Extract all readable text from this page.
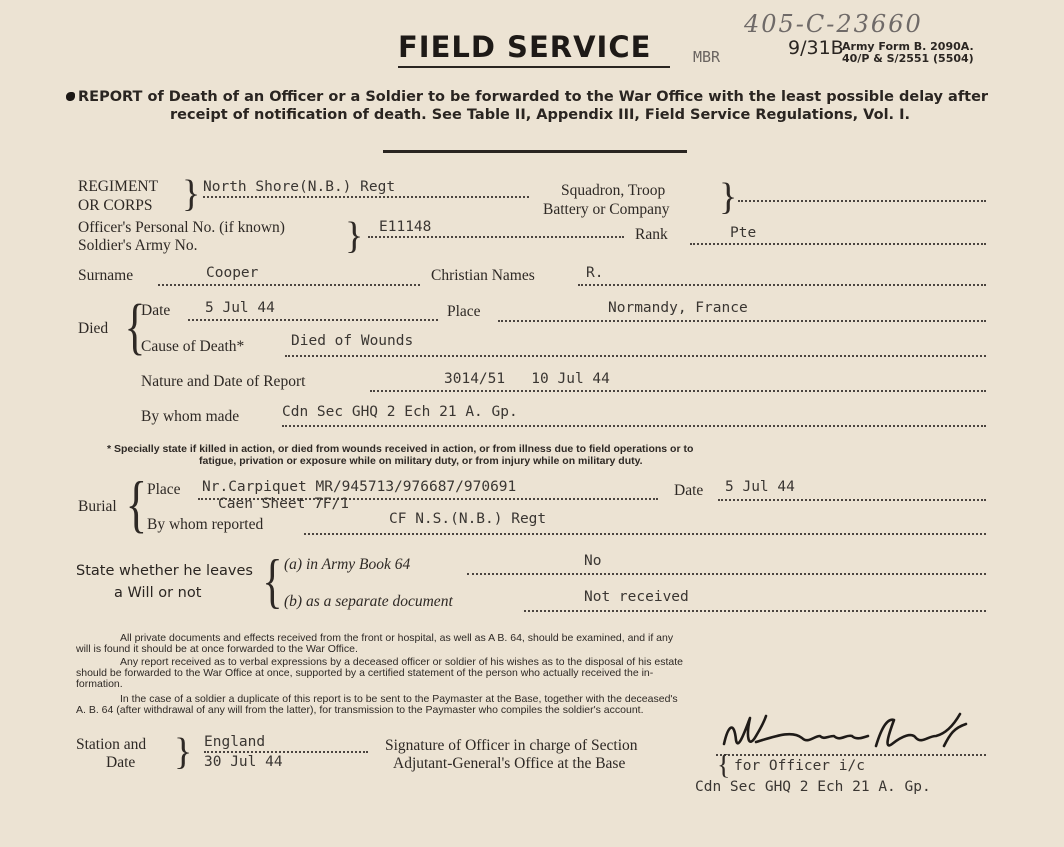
405-C-23660
FIELD SERVICE	MBR	9/31B
Army Form B. 2090A.
40/P & S/2551 (5504)
REPORT of Death of an Officer or a Soldier to be forwarded to the War Office with the least possible delay after
receipt of notification of death. See Table II, Appendix III, Field Service Regulations, Vol. I.
REGIMENT
OR CORPS } North Shore(N.B.) Regt	Squadron, Troop
Battery or Company }
Officer's Personal No. (if known)
Soldier's Army No.	} E11148	Rank	Pte
Surname	Cooper	Christian Names	R.
Died {
Date 5 Jul 44	Place	Normandy, France
Cause of Death*	Died of Wounds
Nature and Date of Report	3014/51   10 Jul 44
By whom made	Cdn Sec GHQ 2 Ech 21 A. Gp.
* Specially state if killed in action, or died from wounds received in action, or from illness due to field operations or to
fatigue, privation or exposure while on military duty, or from injury while on military duty.
Burial { Place Nr.Carpiquet MR/945713/976687/970691	Date 5 Jul 44
Caen Sheet 7F/1
By whom reported	CF N.S.(N.B.) Regt
State whether he leaves
a Will or not { (a) in Army Book 64	No
(b) as a separate document	Not received
All private documents and effects received from the front or hospital, as well as A B. 64, should be examined, and if any
will is found it should be at once forwarded to the War Office.
Any report received as to verbal expressions by a deceased officer or soldier of his wishes as to the disposal of his estate
should be forwarded to the War Office at once, supported by a certified statement of the person who actually received the in-
formation.
In the case of a soldier a duplicate of this report is to be sent to the Paymaster at the Base, together with the deceased's
A. B. 64 (after withdrawal of any will from the latter), for transmission to the Paymaster who compiles the soldier's account.
Station and
Date } England
30 Jul 44
Signature of Officer in charge of Section
Adjutant-General's Office at the Base	{ for Officer i/c
Cdn Sec GHQ 2 Ech 21 A. Gp.
